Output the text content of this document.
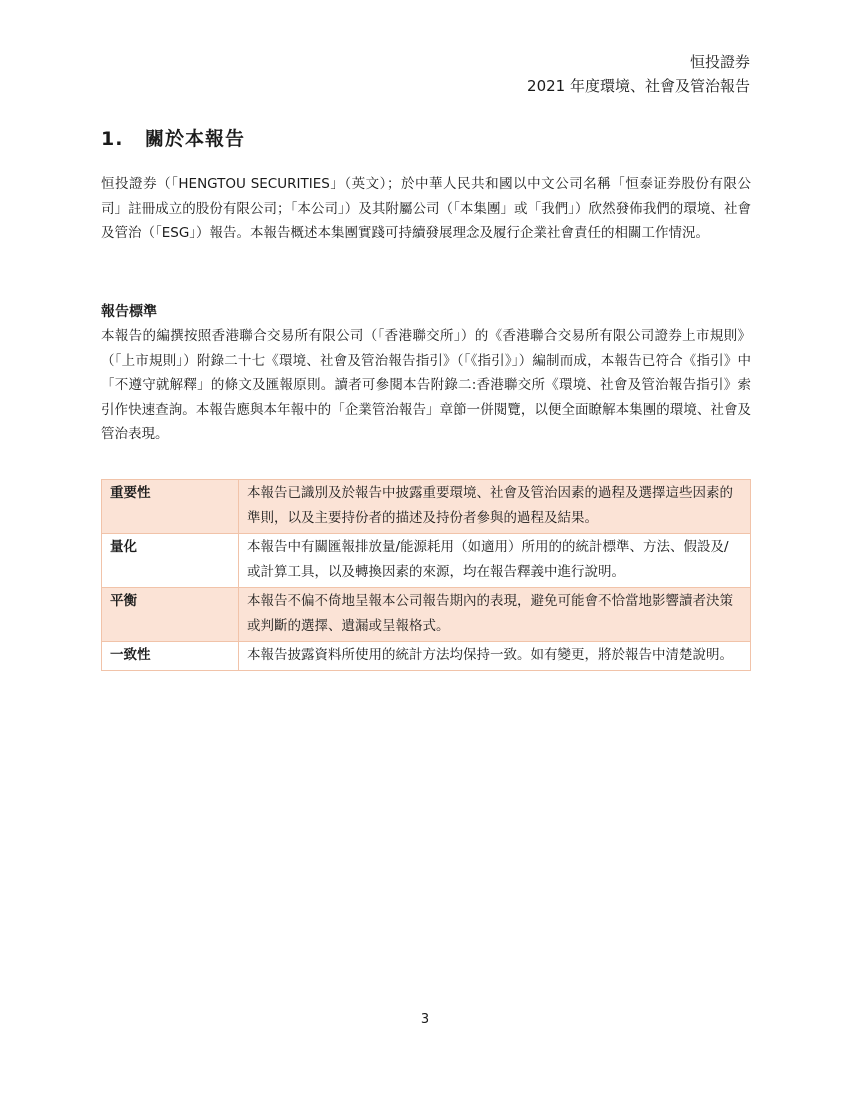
恒投證券
2021 年度環境、社會及管治報告
1. 關於本報告
恒投證券（「HENGTOU SECURITIES」（英文）；於中華人民共和國以中文公司名稱「恒泰证券股份有限公司」註冊成立的股份有限公司；「本公司」）及其附屬公司（「本集團」或「我們」）欣然發佈我們的環境、社會及管治（「ESG」）報告。本報告概述本集團實踐可持續發展理念及履行企業社會責任的相關工作情況。
報告標準
本報告的編撰按照香港聯合交易所有限公司（「香港聯交所」）的《香港聯合交易所有限公司證券上市規則》（「上市規則」）附錄二十七《環境、社會及管治報告指引》（「《指引》」）編制而成，本報告已符合《指引》中「不遵守就解釋」的條文及匯報原則。讀者可參閱本告附錄二:香港聯交所《環境、社會及管治報告指引》索引作快速查詢。本報告應與本年報中的「企業管治報告」章節一併閱覽，以便全面瞭解本集團的環境、社會及管治表現。
重要性	本報告已識別及於報告中披露重要環境、社會及管治因素的過程及選擇這些因素的準則，以及主要持份者的描述及持份者參與的過程及結果。
量化	本報告中有關匯報排放量/能源耗用（如適用）所用的的統計標準、方法、假設及/或計算工具，以及轉換因素的來源，均在報告釋義中進行說明。
平衡	本報告不偏不倚地呈報本公司報告期內的表現，避免可能會不恰當地影響讀者決策或判斷的選擇、遺漏或呈報格式。
一致性	本報告披露資料所使用的統計方法均保持一致。如有變更，將於報告中清楚說明。
3
